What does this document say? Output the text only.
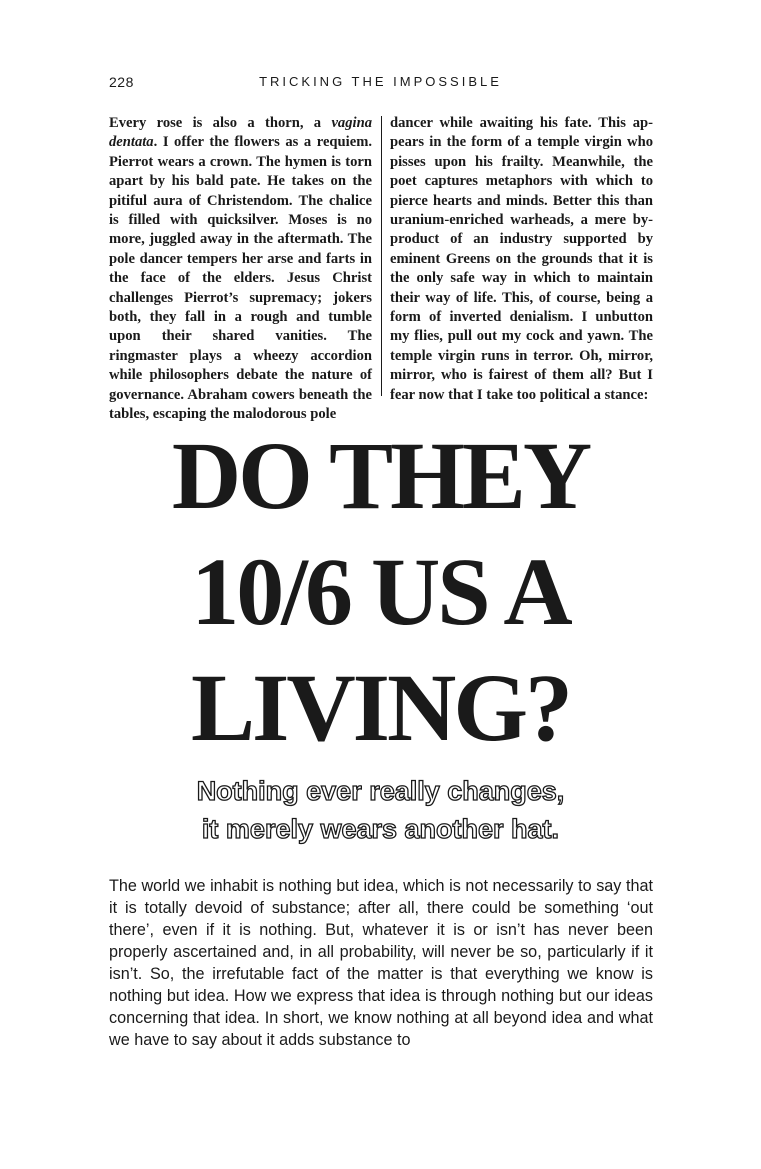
228	TRICKING THE IMPOSSIBLE
Every rose is also a thorn, a vagina dentata. I offer the flowers as a requiem. Pierrot wears a crown. The hymen is torn apart by his bald pate. He takes on the pitiful aura of Christendom. The chalice is filled with quicksilver. Moses is no more, juggled away in the aftermath. The pole dancer tempers her arse and farts in the face of the elders. Jesus Christ challenges Pierrot’s supremacy; jokers both, they fall in a rough and tumble upon their shared vanities. The ringmaster plays a wheezy accordion while philosophers debate the nature of governance. Abraham cowers beneath the tables, escaping the malodorous pole
dancer while awaiting his fate. This appears in the form of a temple virgin who pisses upon his frailty. Meanwhile, the poet captures metaphors with which to pierce hearts and minds. Better this than uranium-enriched warheads, a mere by-product of an industry supported by eminent Greens on the grounds that it is the only safe way in which to maintain their way of life. This, of course, being a form of inverted denialism. I unbutton my flies, pull out my cock and yawn. The temple virgin runs in terror. Oh, mirror, mirror, who is fairest of them all? But I fear now that I take too political a stance:
DO THEY
10/6 US A
LIVING?
Nothing ever really changes,
it merely wears another hat.

The world we inhabit is nothing but idea, which is not necessarily to say that it is totally devoid of substance; after all, there could be something ‘out there’, even if it is nothing. But, whatever it is or isn’t has never been properly ascertained and, in all probability, will never be so, particularly if it isn’t. So, the irrefutable fact of the matter is that everything we know is nothing but idea. How we express that idea is through nothing but our ideas concerning that idea. In short, we know nothing at all beyond idea and what we have to say about it adds substance to
